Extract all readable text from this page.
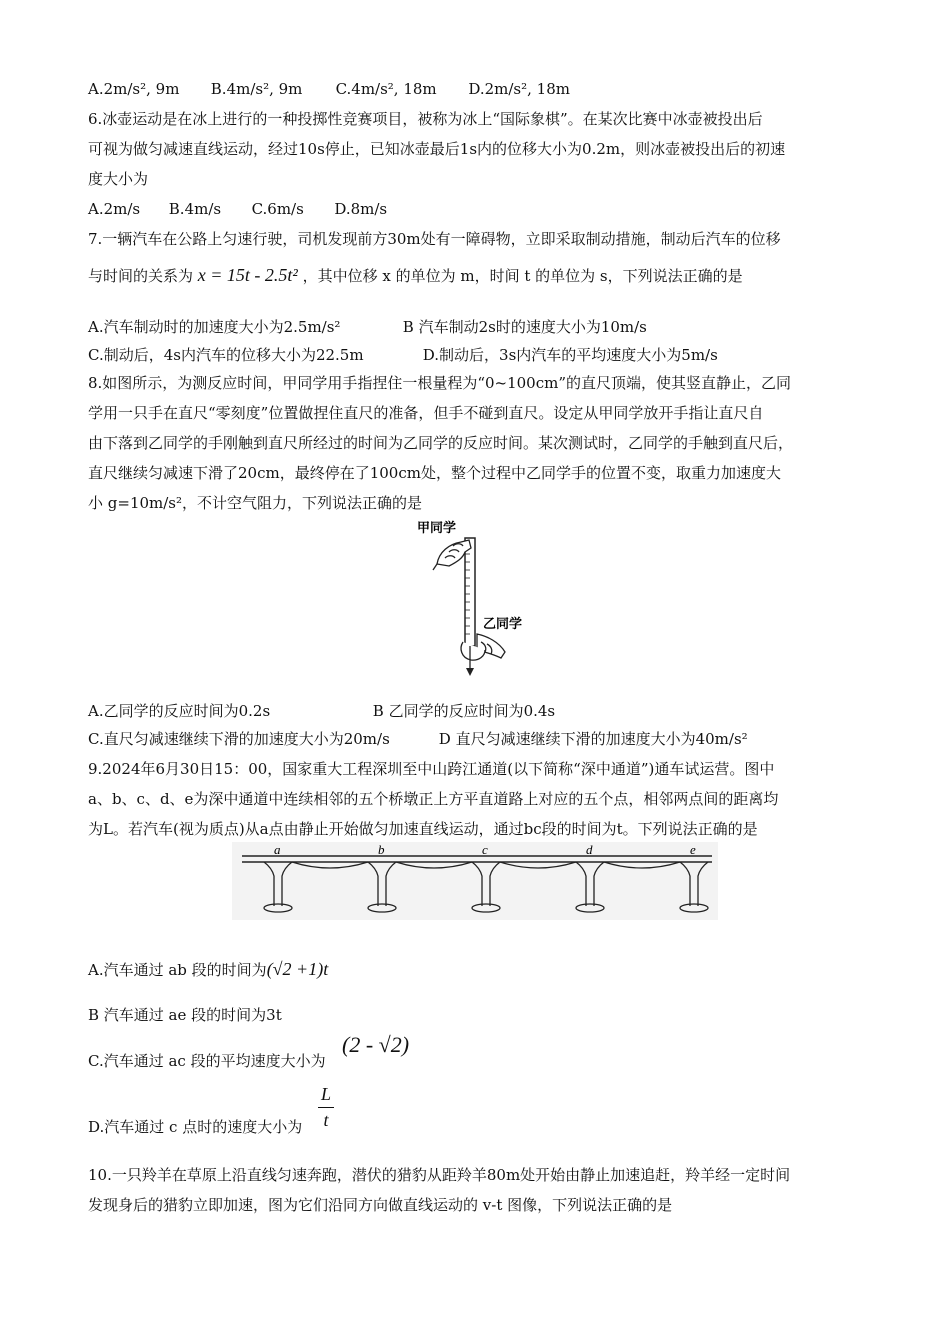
A.2m/s², 9m B.4m/s², 9m C.4m/s², 18m D.2m/s², 18m
6.冰壶运动是在冰上进行的一种投掷性竞赛项目，被称为冰上“国际象棋”。在某次比赛中冰壶被投出后
可视为做匀减速直线运动，经过10s停止，已知冰壶最后1s内的位移大小为0.2m，则冰壶被投出后的初速
度大小为
A.2m/s B.4m/s C.6m/s D.8m/s
7.一辆汽车在公路上匀速行驶，司机发现前方30m处有一障碍物，立即采取制动措施，制动后汽车的位移
与时间的关系为 x = 15t - 2.5t² ，其中位移 x 的单位为 m，时间 t 的单位为 s，下列说法正确的是
A.汽车制动时的加速度大小为2.5m/s²	B 汽车制动2s时的速度大小为10m/s
C.制动后，4s内汽车的位移大小为22.5m	D.制动后，3s内汽车的平均速度大小为5m/s
8.如图所示，为测反应时间，甲同学用手指捏住一根量程为“0~100cm”的直尺顶端，使其竖直静止，乙同
学用一只手在直尺“零刻度”位置做捏住直尺的准备，但手不碰到直尺。设定从甲同学放开手指让直尺自
由下落到乙同学的手刚触到直尺所经过的时间为乙同学的反应时间。某次测试时，乙同学的手触到直尺后，
直尺继续匀减速下滑了20cm，最终停在了100cm处，整个过程中乙同学手的位置不变，取重力加速度大
小 g=10m/s²，不计空气阻力，下列说法正确的是
甲同学
乙同学
A.乙同学的反应时间为0.2s	B 乙同学的反应时间为0.4s
C.直尺匀减速继续下滑的加速度大小为20m/s	D 直尺匀减速继续下滑的加速度大小为40m/s²
9.2024年6月30日15：00，国家重大工程深圳至中山跨江通道(以下简称“深中通道”)通车试运营。图中
a、b、c、d、e为深中通道中连续相邻的五个桥墩正上方平直道路上对应的五个点，相邻两点间的距离均
为L。若汽车(视为质点)从a点由静止开始做匀加速直线运动，通过bc段的时间为t。下列说法正确的是
a	b	c	d	e
A.汽车通过 ab 段的时间为(√2 +1)t
B 汽车通过 ae 段的时间为3t
C.汽车通过 ac 段的平均速度大小为
(2 - √2)
D.汽车通过 c 点时的速度大小为
L
t
10.一只羚羊在草原上沿直线匀速奔跑，潜伏的猎豹从距羚羊80m处开始由静止加速追赶，羚羊经一定时间
发现身后的猎豹立即加速，图为它们沿同方向做直线运动的 v-t 图像，下列说法正确的是
